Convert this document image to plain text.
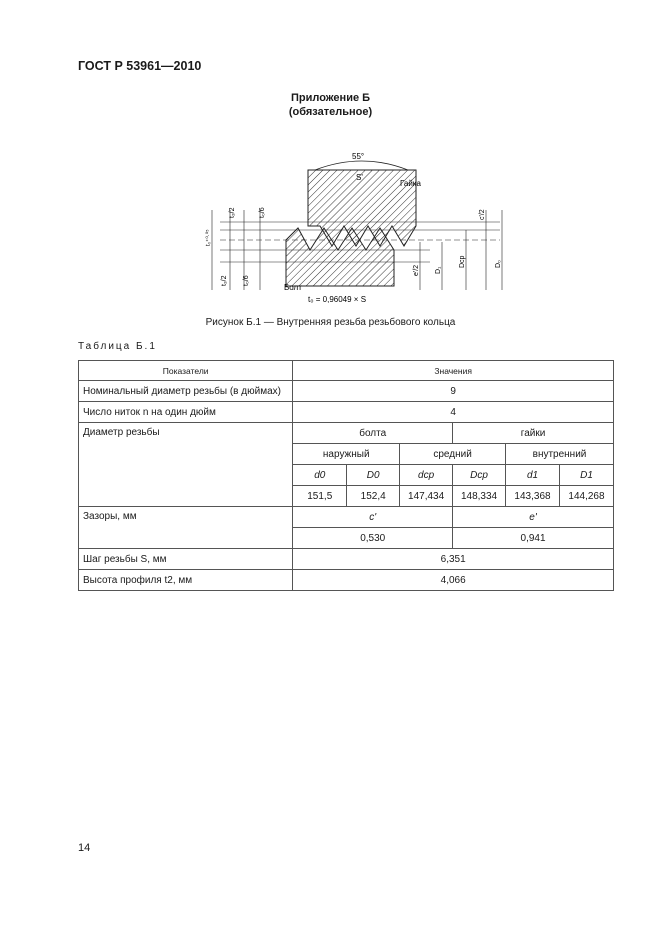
ГОСТ Р 53961—2010
Приложение Б
(обязательное)
55°
S'
Гайка
t₂/2	t₀/6
t₀⁺⁰·⁰⁵
t₂/2 t₀/6
c'/2
e'/2 D₁
Dср	D₀
Болт
t₀ = 0,96049 × S
Рисунок Б.1 — Внутренняя резьба резьбового кольца
Таблица Б.1
Показатели	Значения					
Номинальный диаметр резьбы (в дюймах)	9					
Число ниток n на один дюйм	4					
Диаметр резьбы	болта			гайки		
	наружный		средний		внутренний	
	d0	D0	dср	Dср	d1	D1
	151,5	152,4	147,434	148,334	143,368	144,268
Зазоры, мм	c'			e'		
	0,530			0,941		
Шаг резьбы S, мм	6,351					
Высота профиля t2, мм	4,066					
14
